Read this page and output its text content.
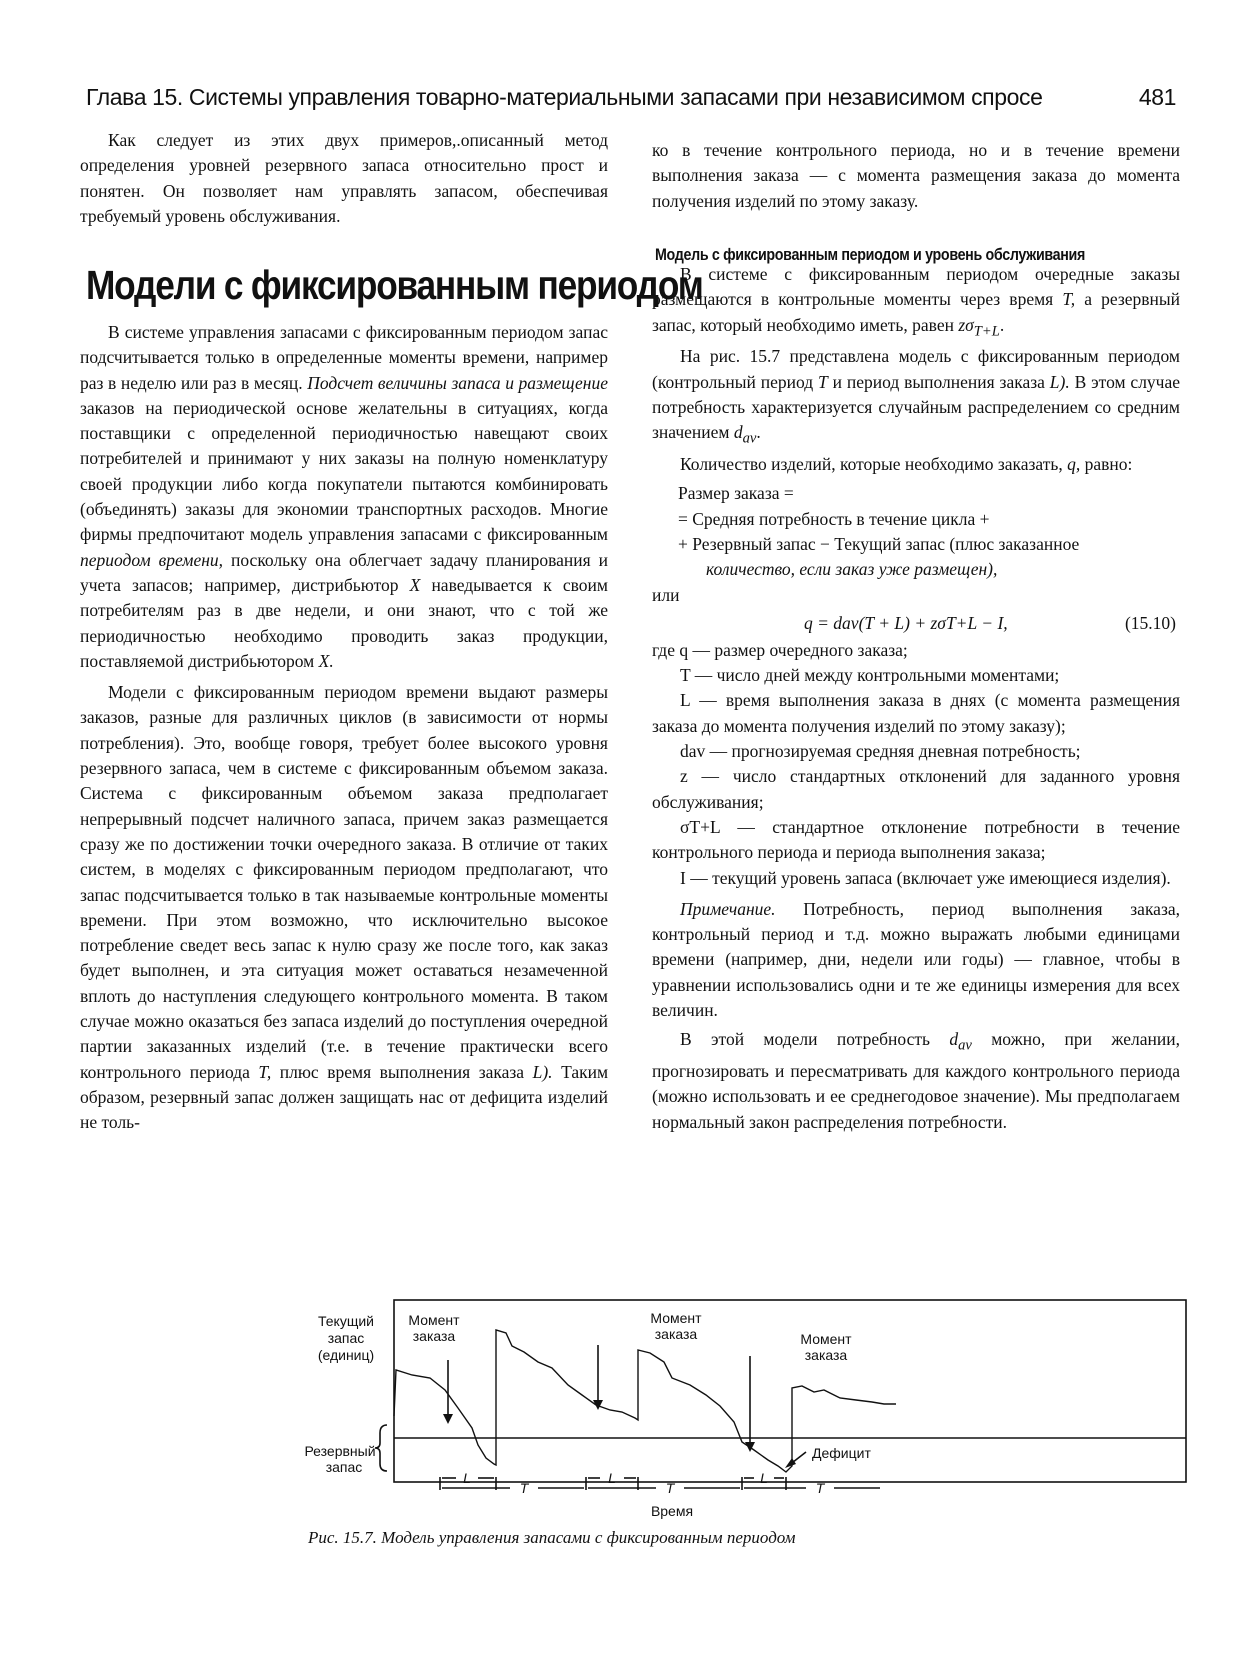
Глава 15. Системы управления товарно-материальными запасами при независимом спросе	481

Как следует из этих двух примеров,.описанный метод определения уровней резервного запаса относительно прост и понятен. Он позволяет нам управлять запасом, обеспечивая требуемый уровень обслуживания.

Модели с фиксированным периодом

В системе управления запасами с фиксированным периодом запас подсчитывается только в определенные моменты времени, например раз в неделю или раз в месяц. Подсчет величины запаса и размещение заказов на периодической основе желательны в ситуациях, когда поставщики с определенной периодичностью навещают своих потребителей и принимают у них заказы на полную номенклатуру своей продукции либо когда покупатели пытаются комбинировать (объединять) заказы для экономии транспортных расходов. Многие фирмы предпочитают модель управления запасами с фиксированным периодом времени, поскольку она облегчает задачу планирования и учета запасов; например, дистрибьютор X наведывается к своим потребителям раз в две недели, и они знают, что с той же периодичностью необходимо проводить заказ продукции, поставляемой дистрибьютором X.

Модели с фиксированным периодом времени выдают размеры заказов, разные для различных циклов (в зависимости от нормы потребления). Это, вообще говоря, требует более высокого уровня резервного запаса, чем в системе с фиксированным объемом заказа. Система с фиксированным объемом заказа предполагает непрерывный подсчет наличного запаса, причем заказ размещается сразу же по достижении точки очередного заказа. В отличие от таких систем, в моделях с фиксированным периодом предполагают, что запас подсчитывается только в так называемые контрольные моменты времени. При этом возможно, что исключительно высокое потребление сведет весь запас к нулю сразу же после того, как заказ будет выполнен, и эта ситуация может оставаться незамеченной вплоть до наступления следующего контрольного момента. В таком случае можно оказаться без запаса изделий до поступления очередной партии заказанных изделий (т.е. в течение практически всего контрольного периода T, плюс время выполнения заказа L). Таким образом, резервный запас должен защищать нас от дефицита изделий не толь-

ко в течение контрольного периода, но и в течение времени выполнения заказа — с момента размещения заказа до момента получения изделий по этому заказу.

Модель с фиксированным периодом и уровень обслуживания

В системе с фиксированным периодом очередные заказы размещаются в контрольные моменты через время T, а резервный запас, который необходимо иметь, равен $z\sigma_{T+L}$.

На рис. 15.7 представлена модель с фиксированным периодом (контрольный период T и период выполнения заказа L). В этом случае потребность характеризуется случайным распределением со средним значением $d_{av}$.

Количество изделий, которые необходимо заказать, q, равно:

Размер заказа =
= Средняя потребность в течение цикла +
+ Резервный запас − Текущий запас (плюс заказанное
количество, если заказ уже размещен),
или
q = dav(T + L) + zσT+L − I,	(15.10)

где q — размер очередного заказа;

T — число дней между контрольными моментами;

L — время выполнения заказа в днях (с момента размещения заказа до момента получения изделий по этому заказу);

dav — прогнозируемая средняя дневная потребность;

z — число стандартных отклонений для заданного уровня обслуживания;

σT+L — стандартное отклонение потребности в течение контрольного периода и периода выполнения заказа;

I — текущий уровень запаса (включает уже имеющиеся изделия).

Примечание. Потребность, период выполнения заказа, контрольный период и т.д. можно выражать любыми единицами времени (например, дни, недели или годы) — главное, чтобы в уравнении использовались одни и те же единицы измерения для всех величин.

В этой модели потребность $d_{av}$ можно, при желании, прогнозировать и пересматривать для каждого контрольного периода (можно использовать и ее среднегодовое значение). Мы предполагаем нормальный закон распределения потребности.

Текущий
запас
(единиц)
Резервный
запас
Момент
заказа
Момент
заказа	Момент
заказа
Дефицит
L
T
L
T
L
T
Время
Рис. 15.7. Модель управления запасами с фиксированным периодом
